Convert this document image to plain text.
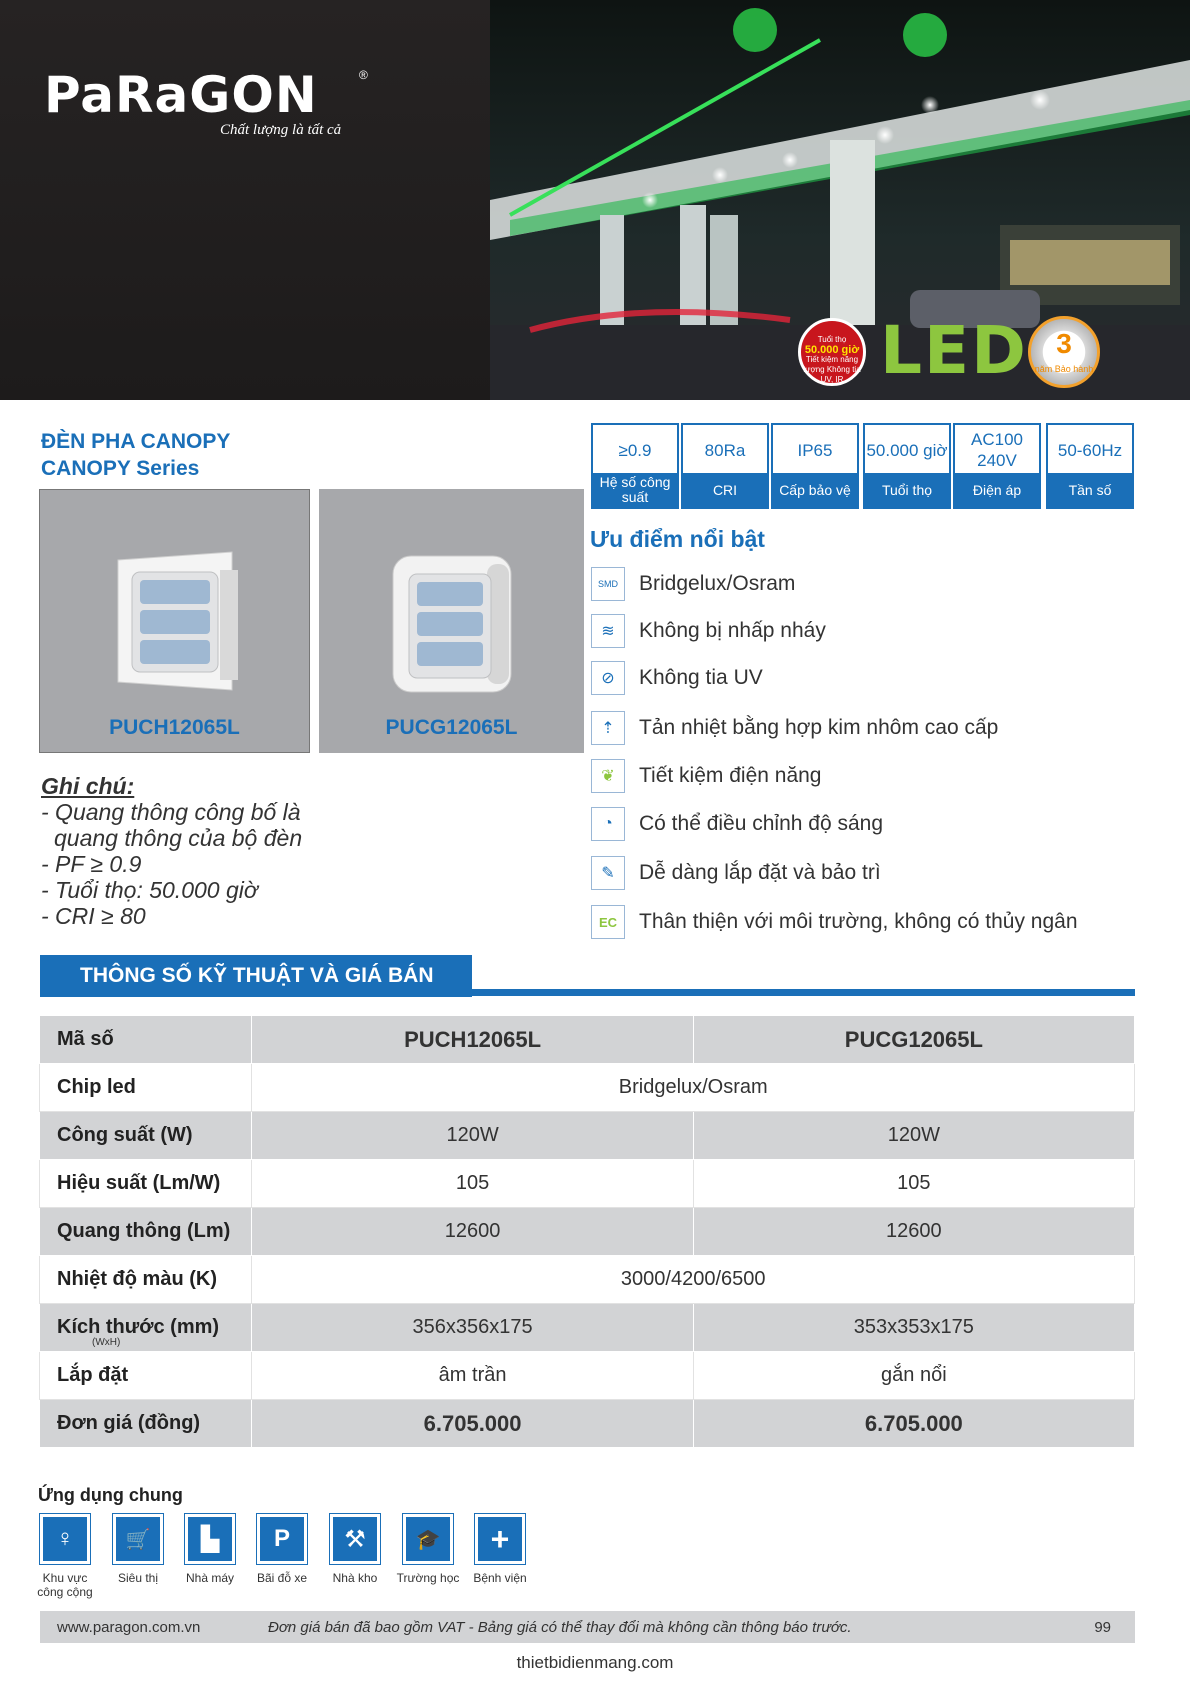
PaRaGON	®
Chất lượng là tất cả
Tuổi thọ
50.000 giờ
Tiết kiệm năng lượng Không tia UV, IR LED	3
năm Bảo hành
ĐÈN PHA CANOPY
CANOPY Series
PUCH12065L	PUCG12065L
≥0.9
Hệ số công suất
80Ra
CRI
IP65
Cấp bảo vệ
50.000 giờ
Tuổi thọ
AC100 240V
Điện áp
50-60Hz
Tần số
Ưu điểm nổi bật
SMD	Bridgelux/Osram
≋	Không bị nhấp nháy
⊘	Không tia UV
⇡	Tản nhiệt bằng hợp kim nhôm cao cấp
❦	Tiết kiệm điện năng
◔	Có thể điều chỉnh độ sáng
✎	Dễ dàng lắp đặt và bảo trì
EC	Thân thiện với môi trường, không có thủy ngân
Ghi chú:
- Quang thông công bố là
quang thông của bộ đèn
- PF ≥ 0.9
- Tuổi thọ: 50.000 giờ
- CRI ≥ 80
THÔNG SỐ KỸ THUẬT VÀ GIÁ BÁN
Mã số	PUCH12065L	PUCG12065L
Chip led	Bridgelux/Osram	
Công suất (W)	120W	120W
Hiệu suất (Lm/W)	105	105
Quang thông (Lm)	12600	12600
Nhiệt độ màu (K)	3000/4200/6500	
Kích thước (mm)
(WxH)	356x356x175	353x353x175
Lắp đặt	âm trần	gắn nổi
Đơn giá (đồng)	6.705.000	6.705.000
Ứng dụng chung
♀
Khu vực công cộng
🛒
Siêu thị
▙
Nhà máy
P
Bãi đỗ xe
⚒
Nhà kho
🎓
Trường học
+
Bệnh viện
www.paragon.com.vn	Đơn giá bán đã bao gồm VAT - Bảng giá có thể thay đổi mà không cần thông báo trước.	99
thietbidienmang.com
